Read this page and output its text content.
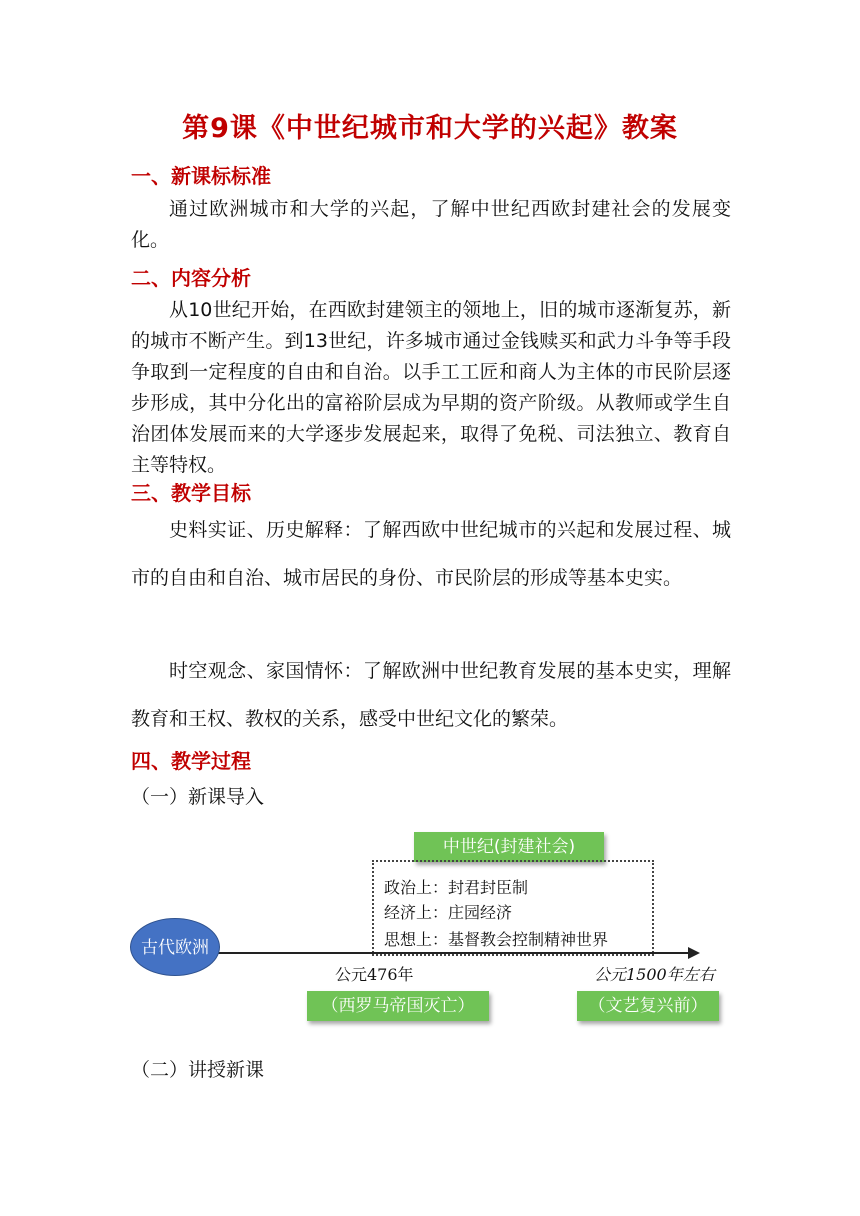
第9课《中世纪城市和大学的兴起》教案
一、新课标标准
通过欧洲城市和大学的兴起，了解中世纪西欧封建社会的发展变化。
二、内容分析
从10世纪开始，在西欧封建领主的领地上，旧的城市逐渐复苏，新的城市不断产生。到13世纪，许多城市通过金钱赎买和武力斗争等手段争取到一定程度的自由和自治。以手工工匠和商人为主体的市民阶层逐步形成，其中分化出的富裕阶层成为早期的资产阶级。从教师或学生自治团体发展而来的大学逐步发展起来，取得了免税、司法独立、教育自主等特权。
三、教学目标
史料实证、历史解释：了解西欧中世纪城市的兴起和发展过程、城市的自由和自治、城市居民的身份、市民阶层的形成等基本史实。
时空观念、家国情怀：了解欧洲中世纪教育发展的基本史实，理解教育和王权、教权的关系，感受中世纪文化的繁荣。
四、教学过程
（一）新课导入
中世纪(封建社会)
政治上：封君封臣制
经济上：庄园经济
思想上：基督教会控制精神世界
古代欧洲
公元476年	公元1500年左右
（西罗马帝国灭亡）	（文艺复兴前）
（二）讲授新课
